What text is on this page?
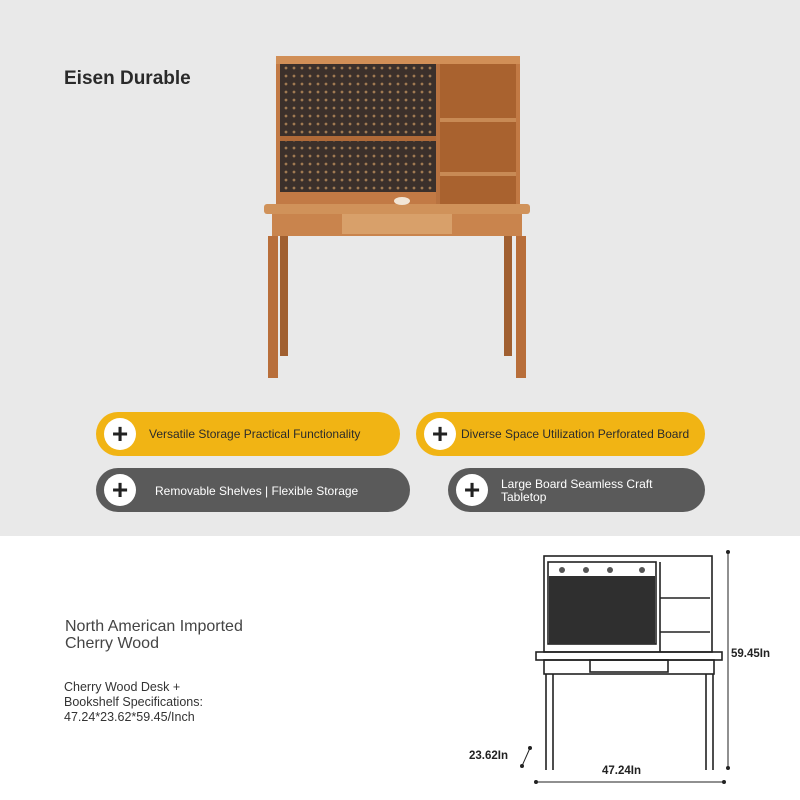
Eisen Durable
+	Versatile Storage Practical Functionality	+	Diverse Space Utilization Perforated Board
+	Removable Shelves | Flexible Storage	+	Large Board Seamless Craft Tabletop
North American Imported Cherry Wood
Cherry Wood Desk + Bookshelf Specifications: 47.24*23.62*59.45/Inch
59.45In
47.24In
23.62In
